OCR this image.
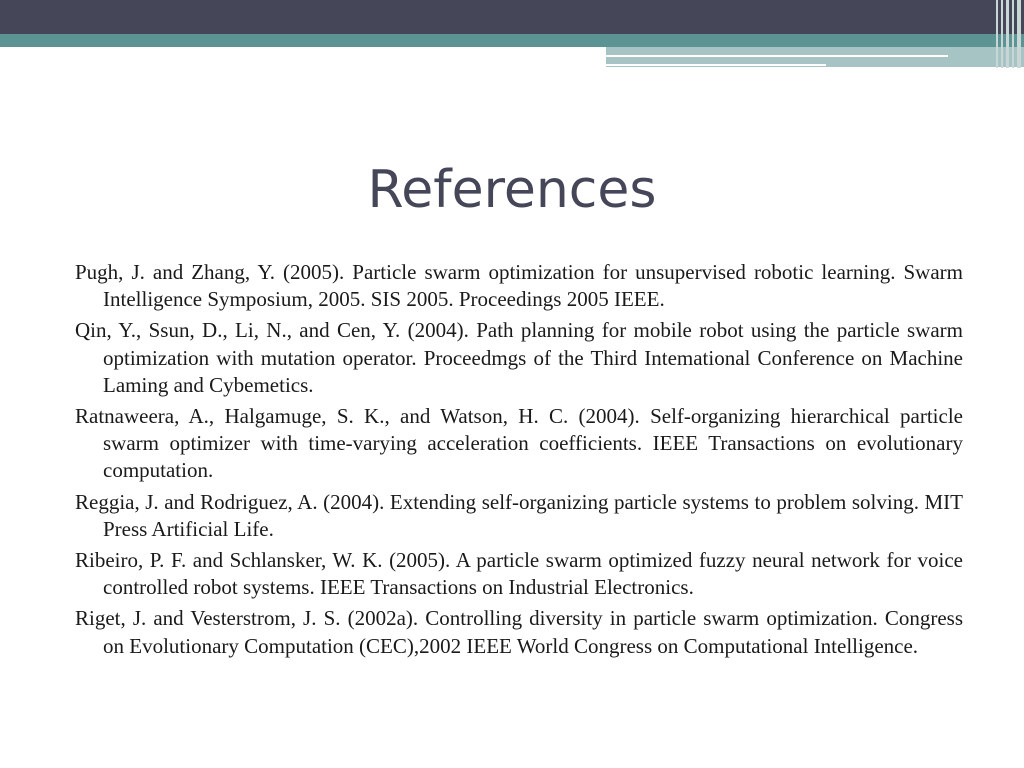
References
Pugh, J. and Zhang, Y. (2005). Particle swarm optimization for unsupervised robotic learning. Swarm Intelligence Symposium, 2005. SIS 2005. Proceedings 2005 IEEE.
Qin, Y., Ssun, D., Li, N., and Cen, Y. (2004). Path planning for mobile robot using the particle swarm optimization with mutation operator. Proceedmgs of the Third Intemational Conference on Machine Laming and Cybemetics.
Ratnaweera, A., Halgamuge, S. K., and Watson, H. C. (2004). Self-organizing hierarchical particle swarm optimizer with time-varying acceleration coefficients. IEEE Transactions on evolutionary computation.
Reggia, J. and Rodriguez, A. (2004). Extending self-organizing particle systems to problem solving. MIT Press Artificial Life.
Ribeiro, P. F. and Schlansker, W. K. (2005). A particle swarm optimized fuzzy neural network for voice controlled robot systems. IEEE Transactions on Industrial Electronics.
Riget, J. and Vesterstrom, J. S. (2002a). Controlling diversity in particle swarm optimization. Congress on Evolutionary Computation (CEC),2002 IEEE World Congress on Computational Intelligence.
